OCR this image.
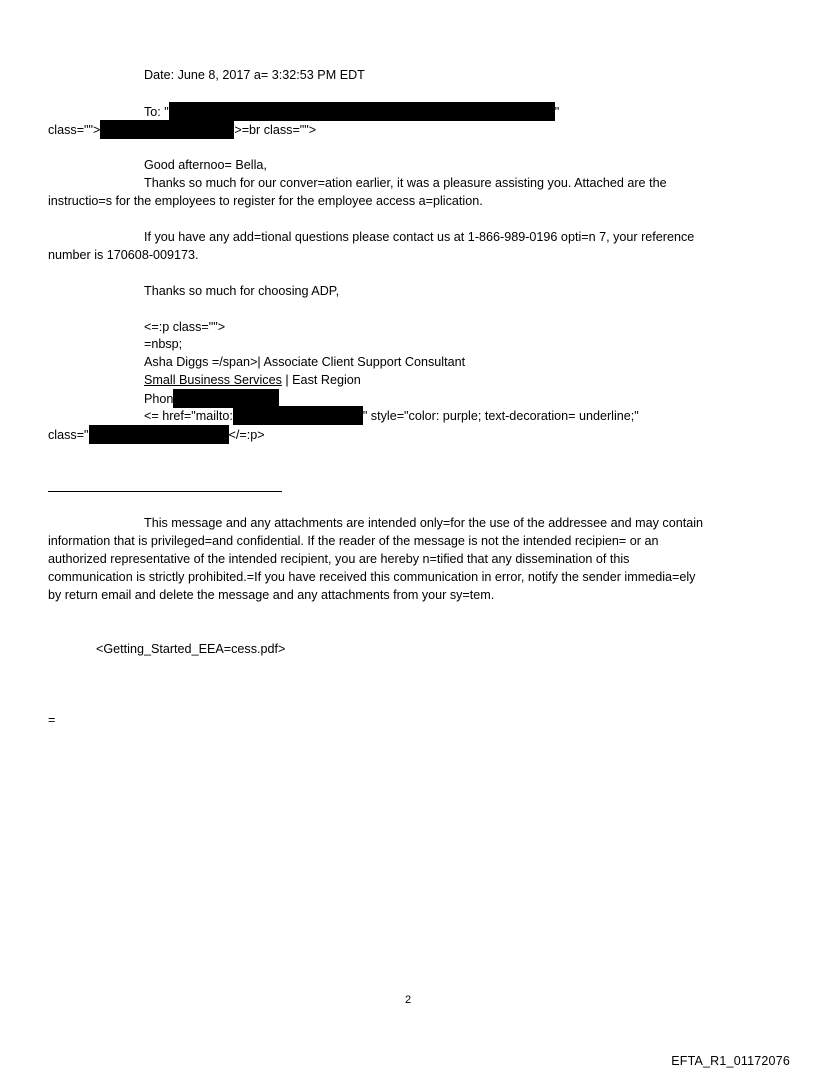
Date: June 8, 2017 a= 3:32:53 PM EDT
To: "	"
class="">	>=br class="">
Good afternoo= Bella,
Thanks so much for our conver=ation earlier, it was a pleasure assisting you. Attached are the
instructio=s for the employees to register for the employee access a=plication.
If you have any add=tional questions please contact us at 1-866-989-0196 opti=n 7, your reference
number is 170608-009173.
Thanks so much for choosing ADP,
<=:p class="">
=nbsp;
Asha Diggs =/span>| Associate Client Support Consultant
Small Business Services | East Region
Phon
<= href="mailto:	" style="color: purple; text-decoration= underline;"
class="	</=:p>
This message and any attachments are intended only=for the use of the addressee and may contain
information that is privileged=and confidential. If the reader of the message is not the intended recipien= or an
authorized representative of the intended recipient, you are hereby n=tified that any dissemination of this
communication is strictly prohibited.=If you have received this communication in error, notify the sender immedia=ely
by return email and delete the message and any attachments from your sy=tem.
<Getting_Started_EEA=cess.pdf>
=
2
EFTA_R1_01172076
